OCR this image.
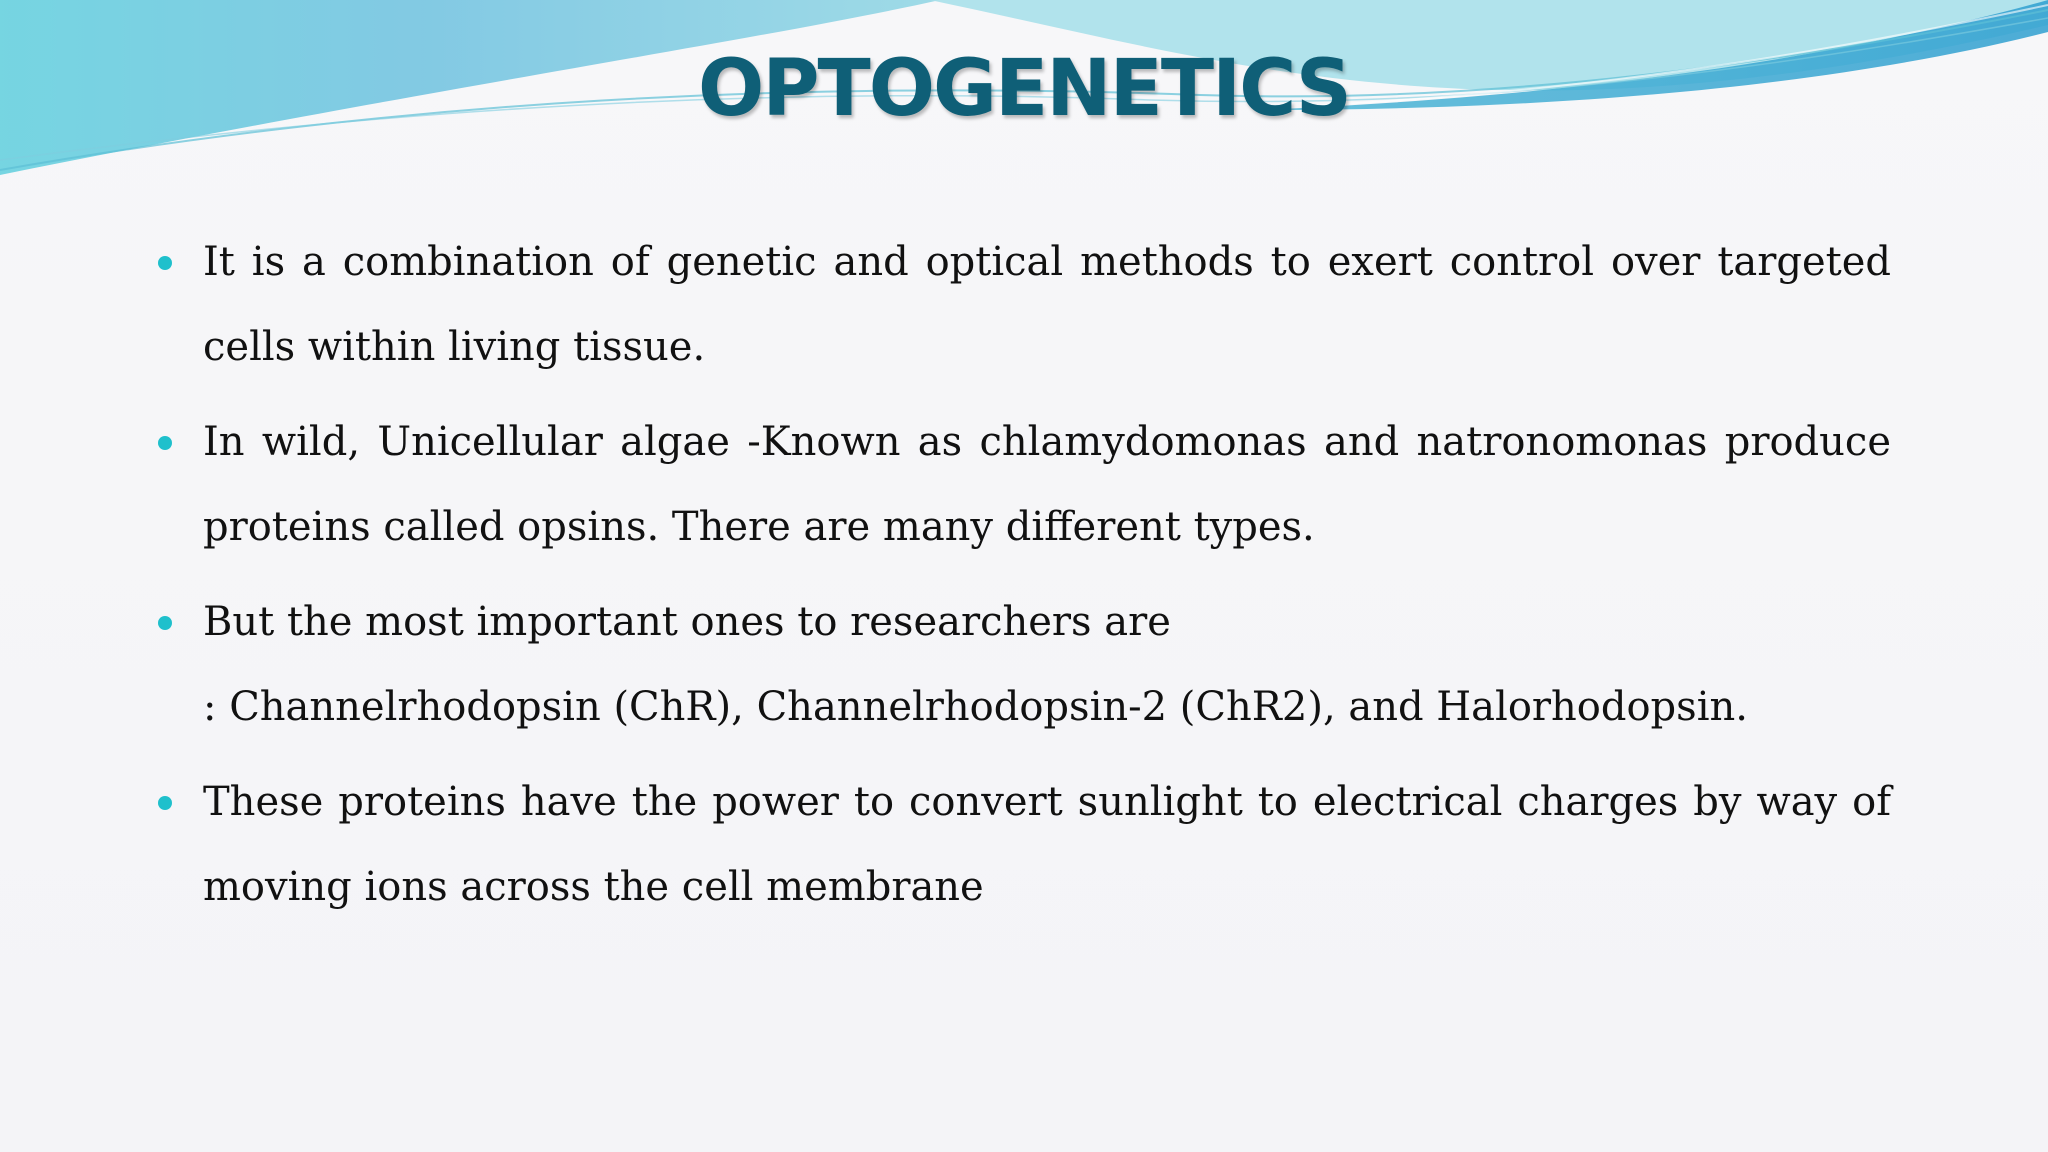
OPTOGENETICS
It is a combination of genetic and optical methods to exert control over targeted cells within living tissue.
In wild, Unicellular algae -Known as chlamydomonas and natronomonas produce proteins called opsins. There are many different types.
But the most important ones to researchers are
: Channelrhodopsin (ChR), Channelrhodopsin-2 (ChR2), and Halorhodopsin.
These proteins have the power to convert sunlight to electrical charges by way of moving ions across the cell membrane
